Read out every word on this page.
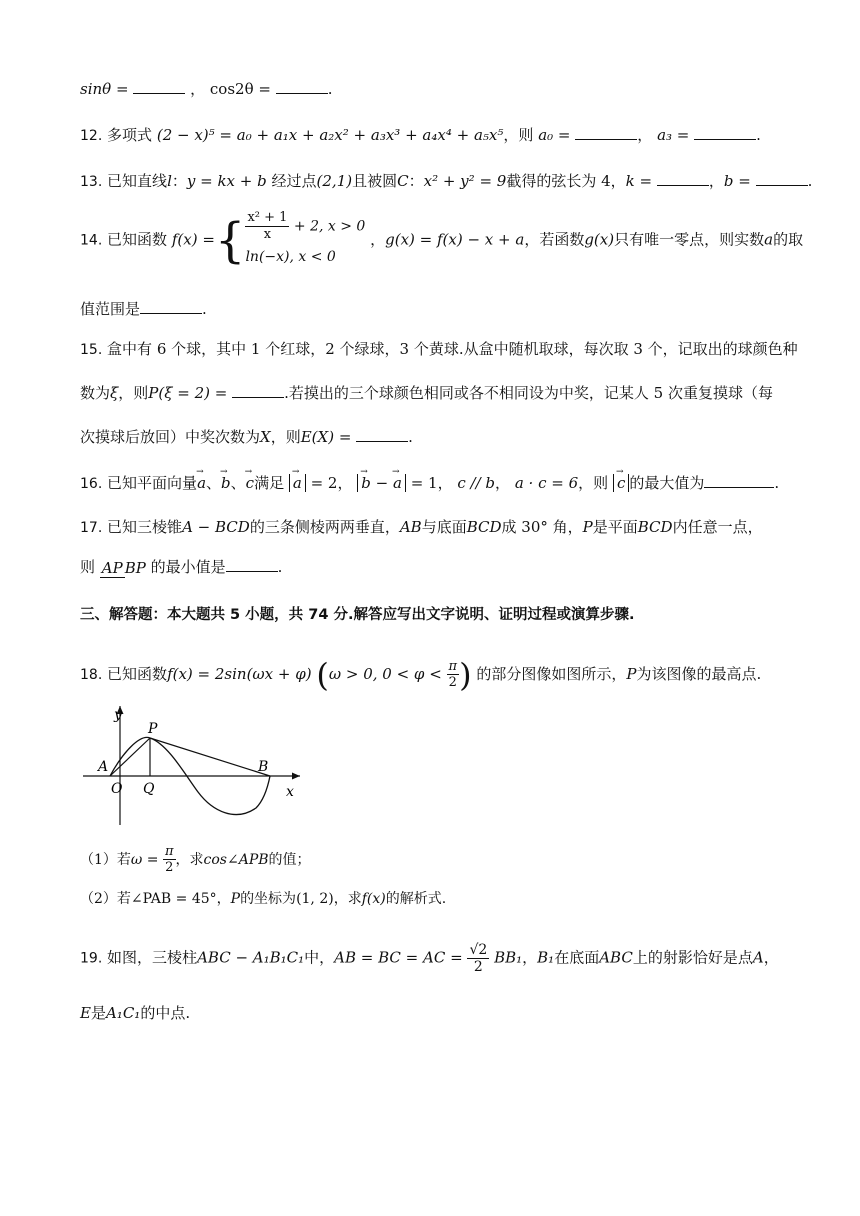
sinθ =	， cos2θ =	.
12. 多项式 (2 − x)⁵ = a₀ + a₁x + a₂x² + a₃x³ + a₄x⁴ + a₅x⁵，则 a₀ =	， a₃ =	.
13. 已知直线l：y = kx + b 经过点(2,1)且被圆C：x² + y² = 9截得的弦长为 4，k =	，b =	.
14. 已知函数 f(x) ={ $\frac{\text{x² + 1}}{x} + 2$, x > 0
ln(−x), x < 0
，g(x) = f(x) − x + a，若函数g(x)只有唯一零点，则实数a的取
值范围是	.
15. 盒中有 6 个球，其中 1 个红球，2 个绿球，3 个黄球.从盒中随机取球，每次取 3 个，记取出的球颜色种
数为ξ，则P(ξ = 2) =	.若摸出的三个球颜色相同或各不相同设为中奖，记某人 5 次重复摸球（每
次摸球后放回）中奖次数为X，则E(X) =	.
16. 已知平面向量→ a、→ b、→ c满足 → a = 2， → b − → a = 1， c // b， a · c = 6，则 → c 的最大值为	.
17. 已知三棱锥A − BCD的三条侧棱两两垂直，AB与底面BCD成 30° 角，P是平面BCD内任意一点，
则 AP BP 的最小值是	.
三、解答题：本大题共 5 小题，共 74 分.解答应写出文字说明、证明过程或演算步骤.
18. 已知函数f(x) = 2sin(ωx + φ) (ω > 0, $0 < \varphi < \frac{\pi}{2}$ ) 的部分图像如图所示，P为该图像的最高点.
y
x
P
A	B
O Q
（1）若$\omega = \frac{\pi}{2}$ ，求cos∠APB的值；
（2）若∠PAB = 45°，P的坐标为(1, 2)，求f(x)的解析式.
19. 如图，三棱柱ABC − A₁B₁C₁中，AB = BC = AC = $\frac{√2}{2} BB_1$，B₁在底面ABC上的射影恰好是点A，
E是A₁C₁的中点.
